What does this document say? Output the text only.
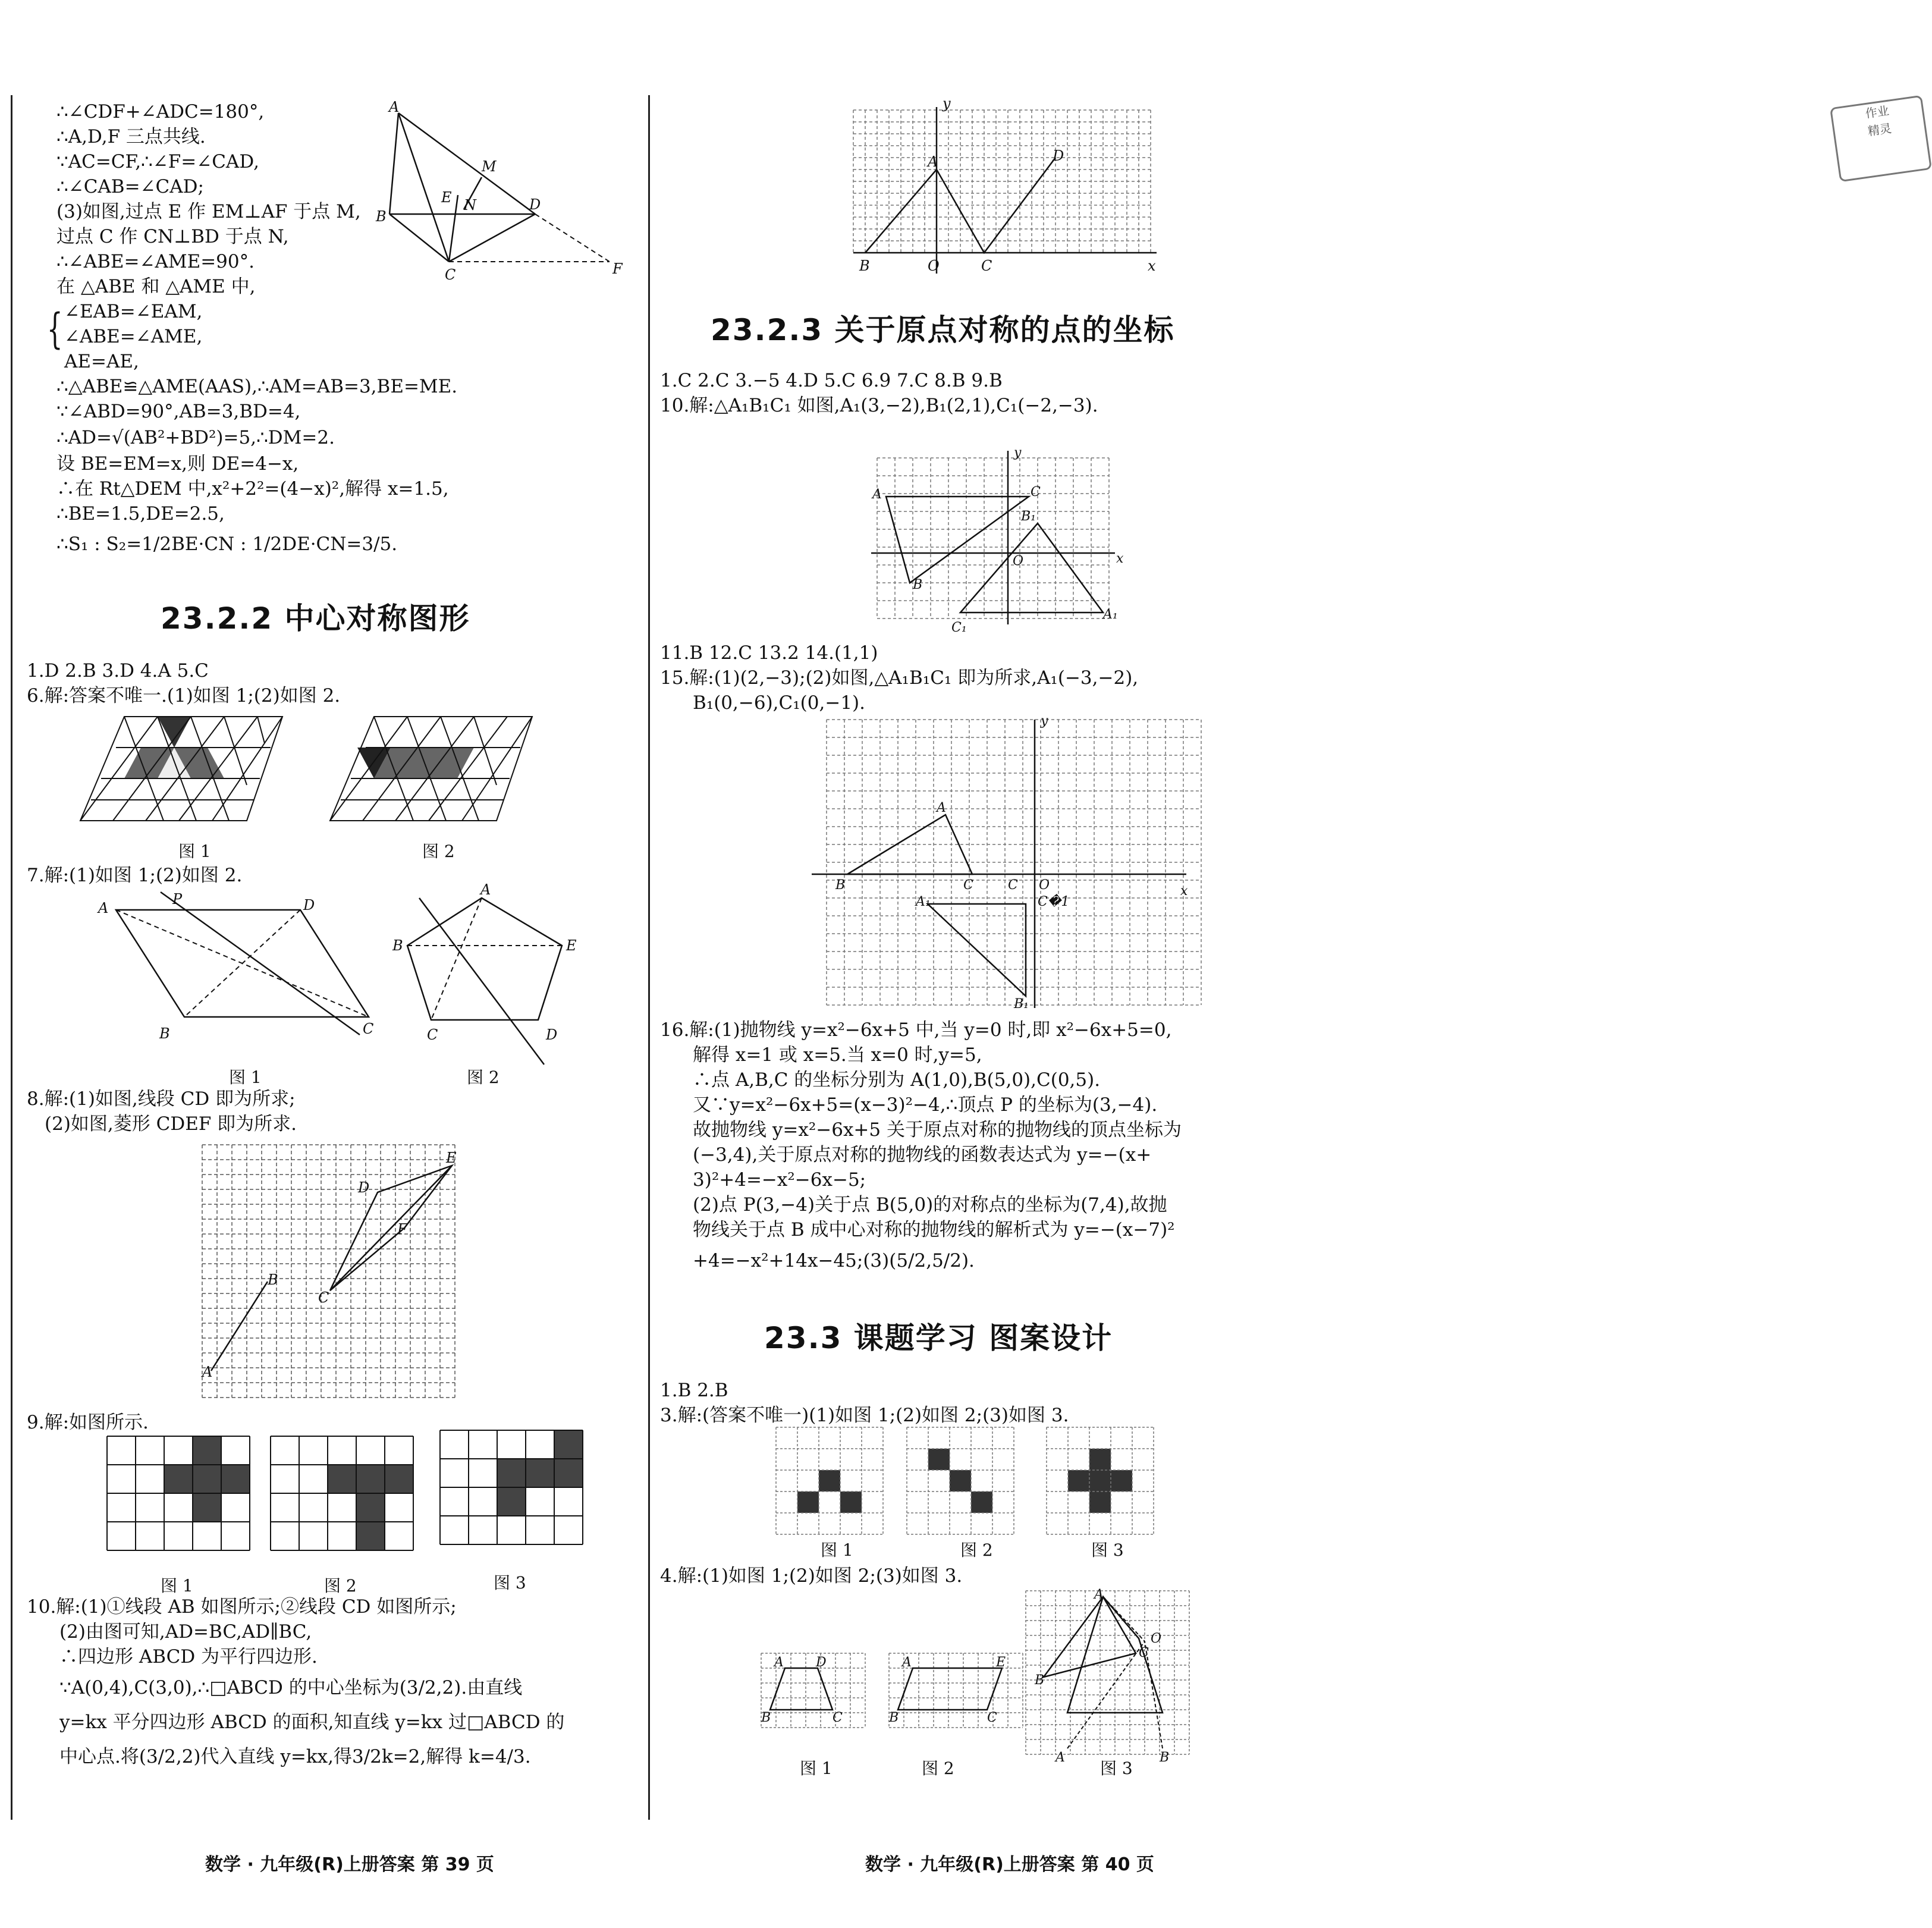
∴∠CDF+∠ADC=180°,
∴A,D,F 三点共线.
∵AC=CF,∴∠F=∠CAD,
∴∠CAB=∠CAD;
(3)如图,过点 E 作 EM⊥AF 于点 M,
过点 C 作 CN⊥BD 于点 N,
∴∠ABE=∠AME=90°.
在 △ABE 和 △AME 中,
{ ∠EAB=∠EAM,
∠ABE=∠AME,
AE=AE,
∴△ABE≌△AME(AAS),∴AM=AB=3,BE=ME.
∵∠ABD=90°,AB=3,BD=4,
∴AD=√(AB²+BD²)=5,∴DM=2.
设 BE=EM=x,则 DE=4−x,
∴在 Rt△DEM 中,x²+2²=(4−x)²,解得 x=1.5,
∴BE=1.5,DE=2.5,
∴S₁ : S₂=1/2BE·CN : 1/2DE·CN=3/5.
A
B
C
D
E
M
N
F
23.2.2 中心对称图形
1.D 2.B 3.D 4.A 5.C
6.解:答案不唯一.(1)如图 1;(2)如图 2.
图 1	图 2
7.解:(1)如图 1;(2)如图 2.
A
P	D
B	C
A
B	E
C	D
图 1	图 2
8.解:(1)如图,线段 CD 即为所求;
(2)如图,菱形 CDEF 即为所求.
A
B
C
D
E
F
9.解:如图所示.
图 1	图 2	图 3
10.解:(1)①线段 AB 如图所示;②线段 CD 如图所示;
(2)由图可知,AD=BC,AD∥BC,
∴四边形 ABCD 为平行四边形.
∵A(0,4),C(3,0),∴□ABCD 的中心坐标为(3/2,2).由直线
y=kx 平分四边形 ABCD 的面积,知直线 y=kx 过□ABCD 的
中心点.将(3/2,2)代入直线 y=kx,得3/2k=2,解得 k=4/3.
数学 · 九年级(R)上册答案 第 39 页
A
B	O	C
D
x
y	作业
精灵
23.2.3 关于原点对称的点的坐标
1.C 2.C 3.−5 4.D 5.C 6.9 7.C 8.B 9.B
10.解:△A₁B₁C₁ 如图,A₁(3,−2),B₁(2,1),C₁(−2,−3).
A	C
B
B₁
A₁
C₁
O	x
y
11.B 12.C 13.2 14.(1,1)
15.解:(1)(2,−3);(2)如图,△A₁B₁C₁ 即为所求,A₁(−3,−2),
B₁(0,−6),C₁(0,−1).
A
B	C	C O
A₁	C�1
B₁
x
y
16.解:(1)抛物线 y=x²−6x+5 中,当 y=0 时,即 x²−6x+5=0,
解得 x=1 或 x=5.当 x=0 时,y=5,
∴点 A,B,C 的坐标分别为 A(1,0),B(5,0),C(0,5).
又∵y=x²−6x+5=(x−3)²−4,∴顶点 P 的坐标为(3,−4).
故抛物线 y=x²−6x+5 关于原点对称的抛物线的顶点坐标为
(−3,4),关于原点对称的抛物线的函数表达式为 y=−(x+
3)²+4=−x²−6x−5;
(2)点 P(3,−4)关于点 B(5,0)的对称点的坐标为(7,4),故抛
物线关于点 B 成中心对称的抛物线的解析式为 y=−(x−7)²
+4=−x²+14x−45;(3)(5/2,5/2).
23.3 课题学习 图案设计
1.B 2.B
3.解:(答案不唯一)(1)如图 1;(2)如图 2;(3)如图 3.
图 1	图 2	图 3
4.解:(1)如图 1;(2)如图 2;(3)如图 3.
A D
B	C
A	E
B	C
A
O
C
B
A	B
图 1	图 2	图 3
数学 · 九年级(R)上册答案 第 40 页
